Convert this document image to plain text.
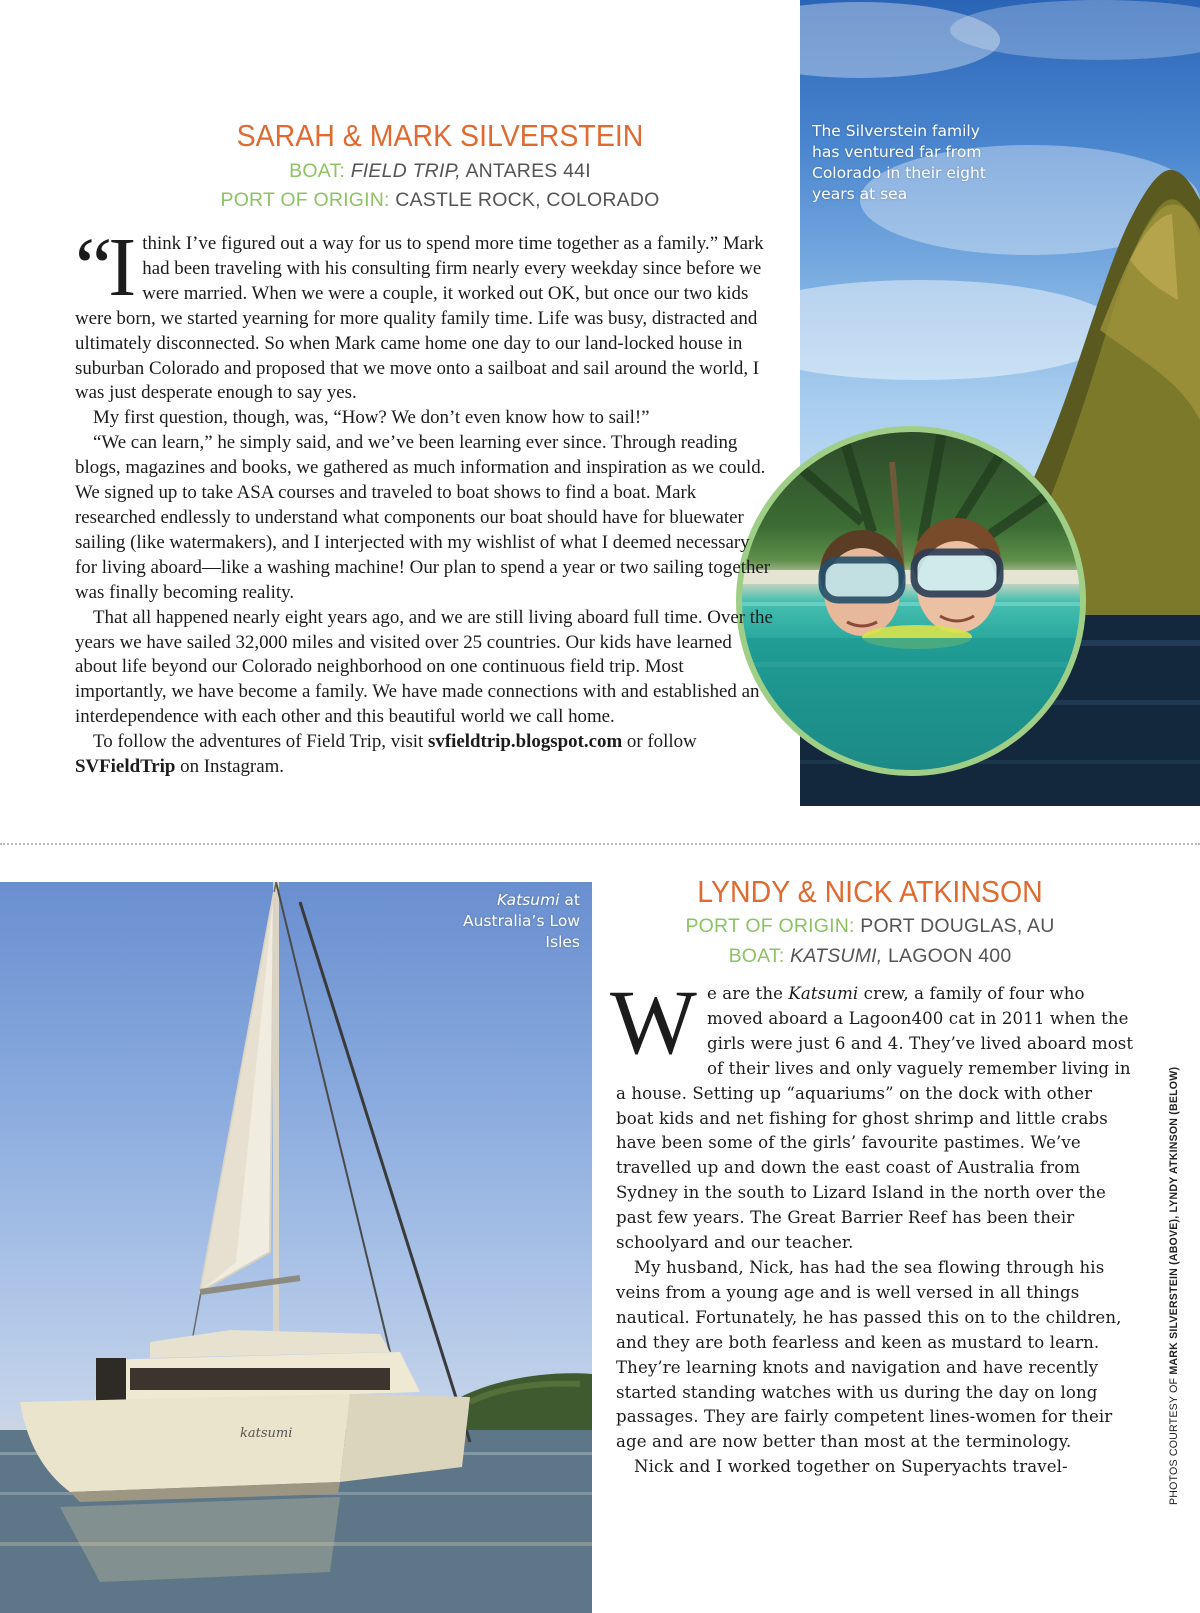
The Silverstein family has ventured far from Colorado in their eight years at sea
SARAH & MARK SILVERSTEIN
BOAT: FIELD TRIP, ANTARES 44I
PORT OF ORIGIN: CASTLE ROCK, COLORADO

“I think I’ve figured out a way for us to spend more time together as a family.” Mark had been traveling with his consulting firm nearly every weekday since before we were married. When we were a couple, it worked out OK, but once our two kids were born, we started yearning for more quality family time. Life was busy, distracted and ultimately disconnected. So when Mark came home one day to our land-locked house in suburban Colorado and proposed that we move onto a sailboat and sail around the world, I was just desperate enough to say yes.

My first question, though, was, “How? We don’t even know how to sail!”

“We can learn,” he simply said, and we’ve been learning ever since. Through reading blogs, magazines and books, we gathered as much information and inspiration as we could. We signed up to take ASA courses and traveled to boat shows to find a boat. Mark researched endlessly to understand what components our boat should have for bluewater sailing (like watermakers), and I interjected with my wishlist of what I deemed necessary for living aboard—like a washing machine! Our plan to spend a year or two sailing together was finally becoming reality.

That all happened nearly eight years ago, and we are still living aboard full time. Over the years we have sailed 32,000 miles and visited over 25 countries. Our kids have learned about life beyond our Colorado neighborhood on one continuous field trip. Most importantly, we have become a family. We have made connections with and established an interdependence with each other and this beautiful world we call home.

To follow the adventures of Field Trip, visit svfieldtrip.blogspot.com or follow SVFieldTrip on Instagram.

katsumi
Katsumi at Australia’s Low Isles
LYNDY & NICK ATKINSON
PORT OF ORIGIN: PORT DOUGLAS, AU
BOAT: KATSUMI, LAGOON 400

We are the Katsumi crew, a family of four who moved aboard a Lagoon400 cat in 2011 when the girls were just 6 and 4. They’ve lived aboard most of their lives and only vaguely remember living in a house. Setting up “aquariums” on the dock with other boat kids and net fishing for ghost shrimp and little crabs have been some of the girls’ favourite pastimes. We’ve travelled up and down the east coast of Australia from Sydney in the south to Lizard Island in the north over the past few years. The Great Barrier Reef has been their schoolyard and our teacher.

My husband, Nick, has had the sea flowing through his veins from a young age and is well versed in all things nautical. Fortunately, he has passed this on to the children, and they are both fearless and keen as mustard to learn. They’re learning knots and navigation and have recently started standing watches with us during the day on long passages. They are fairly competent lines-women for their age and are now better than most at the terminology.

Nick and I worked together on Superyachts travel-	PHOTOS COURTESY OF MARK SILVERSTEIN (ABOVE), LYNDY ATKINSON (BELOW)
